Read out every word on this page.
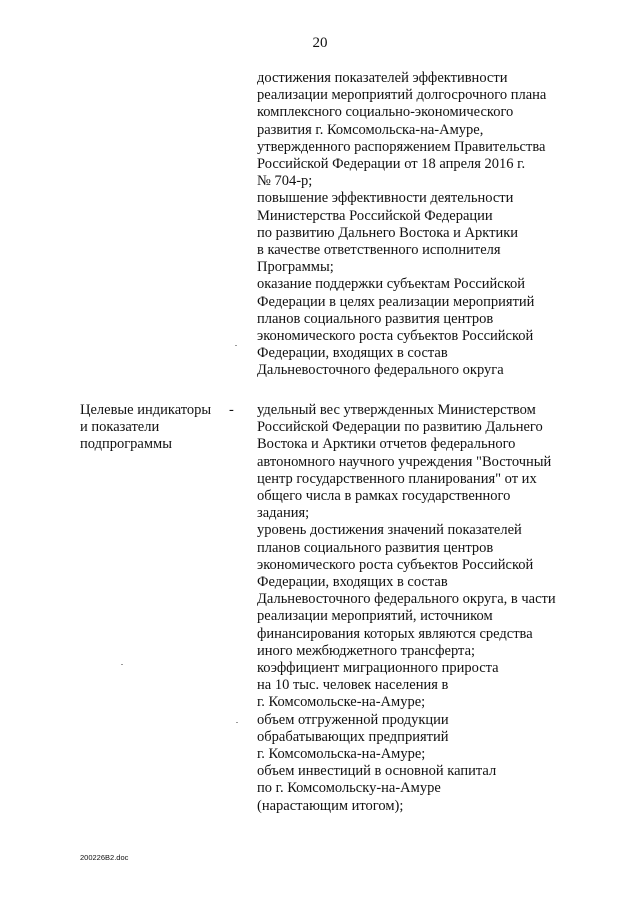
20
достижения показателей эффективности
реализации мероприятий долгосрочного плана
комплексного социально-экономического
развития г. Комсомольска-на-Амуре,
утвержденного распоряжением Правительства
Российской Федерации от 18 апреля 2016 г.
№ 704-р;
повышение эффективности деятельности
Министерства Российской Федерации
по развитию Дальнего Востока и Арктики
в качестве ответственного исполнителя
Программы;
оказание поддержки субъектам Российской
Федерации в целях реализации мероприятий
планов социального развития центров
экономического роста субъектов Российской
Федерации, входящих в состав
Дальневосточного федерального округа
Целевые индикаторы
и показатели
подпрограммы
- удельный вес утвержденных Министерством
Российской Федерации по развитию Дальнего
Востока и Арктики отчетов федерального
автономного научного учреждения "Восточный
центр государственного планирования" от их
общего числа в рамках государственного
задания;
уровень достижения значений показателей
планов социального развития центров
экономического роста субъектов Российской
Федерации, входящих в состав
Дальневосточного федерального округа, в части
реализации мероприятий, источником
финансирования которых являются средства
иного межбюджетного трансферта;
коэффициент миграционного прироста
на 10 тыс. человек населения в
г. Комсомольске-на-Амуре;
объем отгруженной продукции
обрабатывающих предприятий
г. Комсомольска-на-Амуре;
объем инвестиций в основной капитал
по г. Комсомольску-на-Амуре
(нарастающим итогом);
200226B2.doc
